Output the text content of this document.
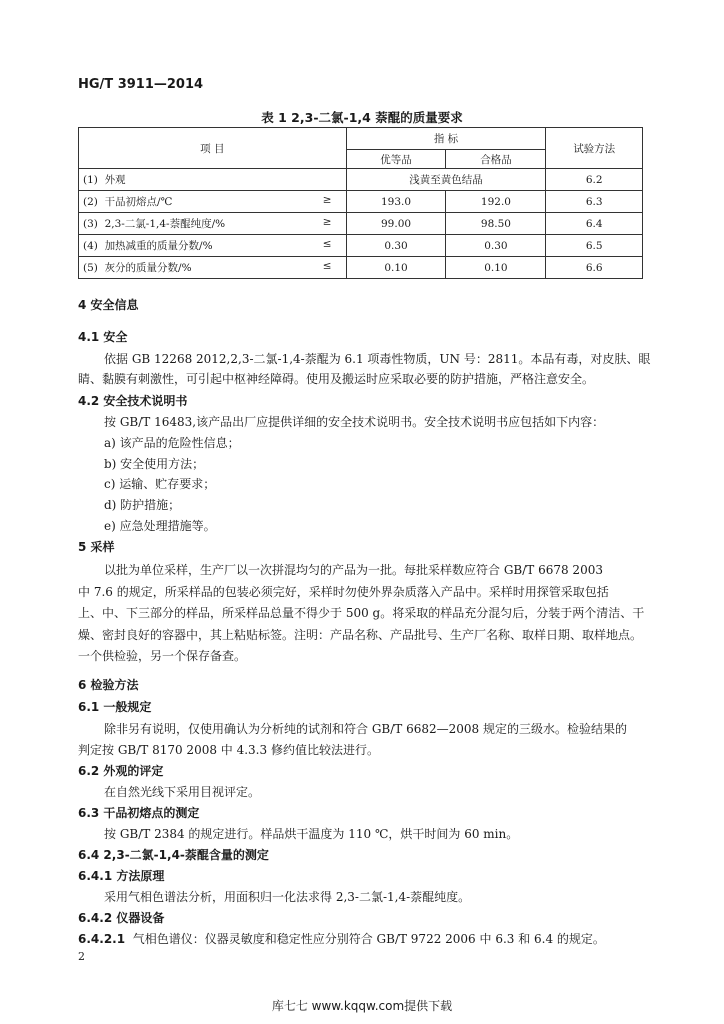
HG/T 3911—2014
表 1 2,3-二氯-1,4 萘醌的质量要求
项 目	指 标		试验方法
	优等品	合格品	
(1) 外观	浅黄至黄色结晶		6.2
(2) 干品初熔点/℃ ≥	193.0	192.0	6.3
(3) 2,3-二氯-1,4-萘醌纯度/% ≥	99.00	98.50	6.4
(4) 加热减重的质量分数/% ≤	0.30	0.30	6.5
(5) 灰分的质量分数/% ≤	0.10	0.10	6.6
4 安全信息
4.1 安全
依据 GB 12268 2012,2,3-二氯-1,4-萘醌为 6.1 项毒性物质，UN 号：2811。本品有毒，对皮肤、眼
睛、黏膜有刺激性，可引起中枢神经障碍。使用及搬运时应采取必要的防护措施，严格注意安全。
4.2 安全技术说明书
按 GB/T 16483,该产品出厂应提供详细的安全技术说明书。安全技术说明书应包括如下内容：
a) 该产品的危险性信息；
b) 安全使用方法；
c) 运输、贮存要求；
d) 防护措施；
e) 应急处理措施等。
5 采样
以批为单位采样，生产厂以一次拼混均匀的产品为一批。每批采样数应符合 GB/T 6678 2003
中 7.6 的规定，所采样品的包装必须完好，采样时勿使外界杂质落入产品中。采样时用探管采取包括
上、中、下三部分的样品，所采样品总量不得少于 500 g。将采取的样品充分混匀后，分装于两个清洁、干
燥、密封良好的容器中，其上粘贴标签。注明：产品名称、产品批号、生产厂名称、取样日期、取样地点。
一个供检验，另一个保存备查。
6 检验方法
6.1 一般规定
除非另有说明，仅使用确认为分析纯的试剂和符合 GB/T 6682—2008 规定的三级水。检验结果的
判定按 GB/T 8170 2008 中 4.3.3 修约值比较法进行。
6.2 外观的评定
在自然光线下采用目视评定。
6.3 干品初熔点的测定
按 GB/T 2384 的规定进行。样品烘干温度为 110 ℃，烘干时间为 60 min。
6.4 2,3-二氯-1,4-萘醌含量的测定
6.4.1 方法原理
采用气相色谱法分析，用面积归一化法求得 2,3-二氯-1,4-萘醌纯度。
6.4.2 仪器设备
6.4.2.1 气相色谱仪：仪器灵敏度和稳定性应分别符合 GB/T 9722 2006 中 6.3 和 6.4 的规定。
2
库七七 www.kqqw.com提供下载
